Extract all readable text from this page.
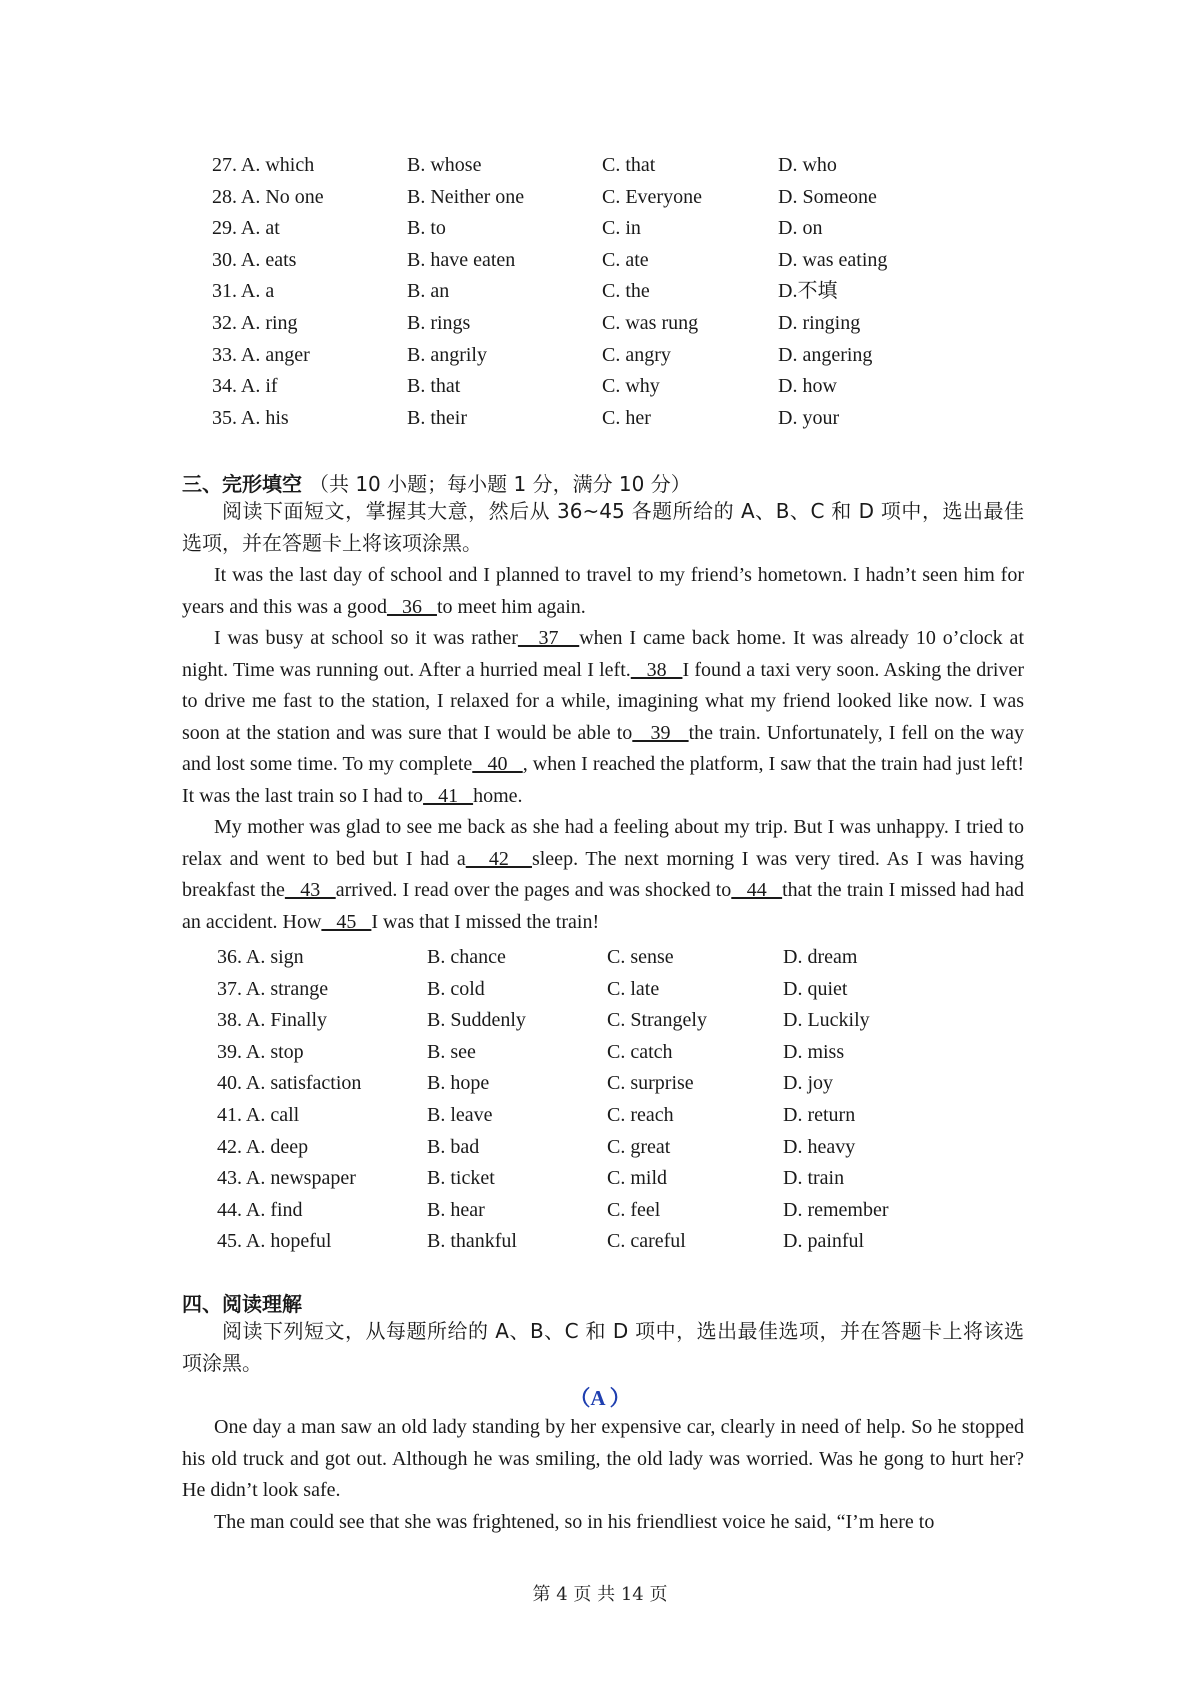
27. A. which	B. whose	C. that	D. who
28. A. No one	B. Neither one	C. Everyone	D. Someone
29. A. at	B. to	C. in	D. on
30. A. eats	B. have eaten	C. ate	D. was eating
31. A. a	B. an	C. the	D.不填
32. A. ring	B. rings	C. was rung	D. ringing
33. A. anger	B. angrily	C. angry	D. angering
34. A. if	B. that	C. why	D. how
35. A. his	B. their	C. her	D. your
三、完形填空 （共 10 小题；每小题 1 分，满分 10 分）
阅读下面短文，掌握其大意，然后从 36~45 各题所给的 A、B、C 和 D 项中，选出最佳选项，并在答题卡上将该项涂黑。
It was the last day of school and I planned to travel to my friend’s hometown. I hadn’t seen him for years and this was a good   36   to meet him again.
I was busy at school so it was rather   37   when I came back home. It was already 10 o’clock at night. Time was running out. After a hurried meal I left.   38   I found a taxi very soon. Asking the driver to drive me fast to the station, I relaxed for a while, imagining what my friend looked like now. I was soon at the station and was sure that I would be able to   39   the train. Unfortunately, I fell on the way and lost some time. To my complete   40   , when I reached the platform, I saw that the train had just left! It was the last train so I had to   41   home.
My mother was glad to see me back as she had a feeling about my trip. But I was unhappy. I tried to relax and went to bed but I had a   42   sleep. The next morning I was very tired. As I was having breakfast the   43   arrived. I read over the pages and was shocked to   44   that the train I missed had had an accident. How   45   I was that I missed the train!
36. A. sign	B. chance	C. sense	D. dream
37. A. strange	B. cold	C. late	D. quiet
38. A. Finally	B. Suddenly	C. Strangely	D. Luckily
39. A. stop	B. see	C. catch	D. miss
40. A. satisfaction	B. hope	C. surprise	D. joy
41. A. call	B. leave	C. reach	D. return
42. A. deep	B. bad	C. great	D. heavy
43. A. newspaper	B. ticket	C. mild	D. train
44. A. find	B. hear	C. feel	D. remember
45. A. hopeful	B. thankful	C. careful	D. painful
四、阅读理解
阅读下列短文，从每题所给的 A、B、C 和 D 项中，选出最佳选项，并在答题卡上将该选项涂黑。
（A ）
One day a man saw an old lady standing by her expensive car, clearly in need of help. So he stopped his old truck and got out. Although he was smiling, the old lady was worried. Was he gong to hurt her? He didn’t look safe.
The man could see that she was frightened, so in his friendliest voice he said, “I’m here to
第 4 页 共 14 页
